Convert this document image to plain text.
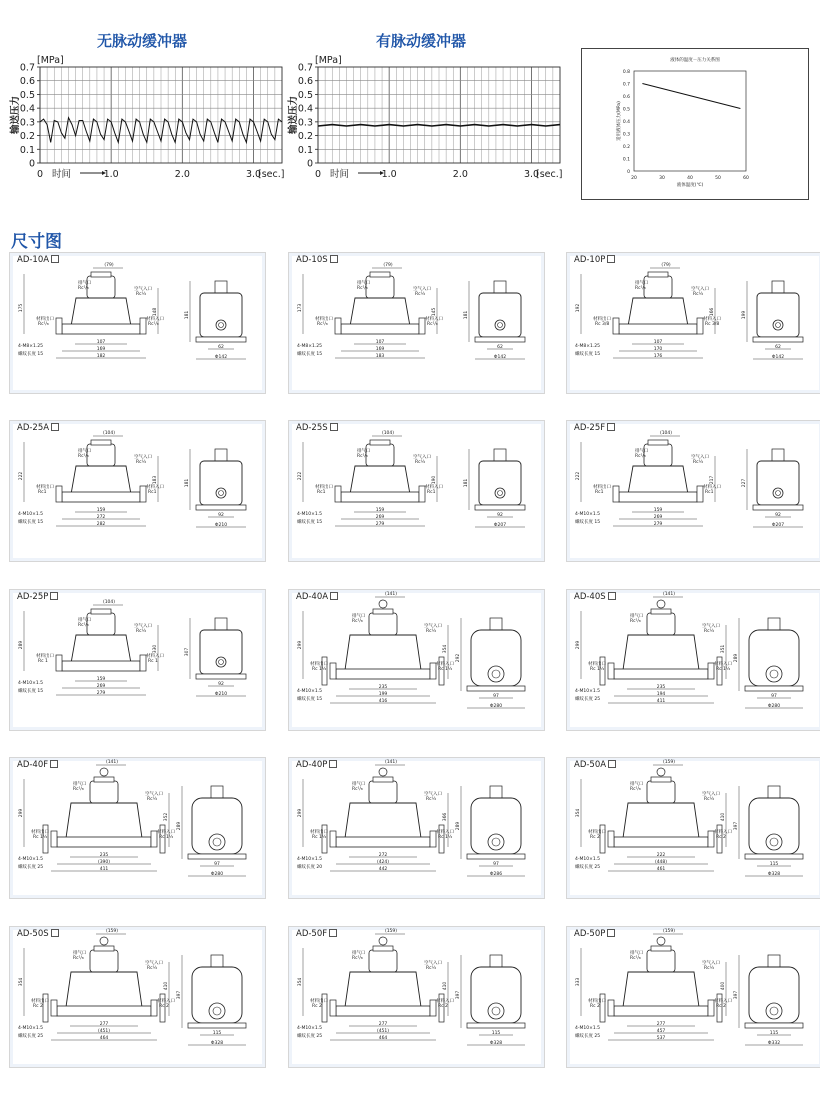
无脉动缓冲器	有脉动缓冲器
0
0.1
0.2
0.3
0.4
0.5
0.6
0.7
[MPa]
输送压力
0 时间	1.0	2.0	3.0
[sec.]
0
0.1
0.2
0.3
0.4
0.5
0.6
0.7
[MPa]
输送压力
0 时间	1.0	2.0	3.0
[sec.]
液体的温度－压力关系图
0.8
0.7
0.6
0.5
0.4
0.3
0.2
0.1
0
20	30	40	50	60
液体温度(℃)
适用液体压力(MPa)
尺寸图
AD-10A
107
169
182
175	148
(79)
排气口
Rc¹/₈	空气入口
Rc¼
材料出口
Rc¹/₈
材料入口
Rc¹/₈
4-M8×1.25
螺纹长度 15
62
Φ142
181
AD-10S
107
169
183
173	145
(79)
排气口
Rc¹/₈	空气入口
Rc¼
材料出口
Rc¹/₈
材料入口
Rc¹/₈
4-M8×1.25
螺纹长度 15
62
Φ142
181
AD-10P
107
170
176
192	166
(79)
排气口
Rc¹/₈	空气入口
Rc¼
材料出口
Rc 3/8
材料入口
Rc 3/8
4-M8×1.25
螺纹长度 15
62
Φ142
199
AD-25A
159
272
282
222	183
(104)
排气口
Rc¹/₈	空气入口
Rc¼
材料出口
Rc1
材料入口
Rc1
4-M10×1.5
螺纹长度 15
92
Φ210
181
AD-25S
159
269
279
222	190
(104)
排气口
Rc¹/₈	空气入口
Rc¼
材料出口
Rc1
材料入口
Rc1
4-M10×1.5
螺纹长度 15
92
Φ207
181
AD-25F
159
269
279
222	217
(104)
排气口
Rc¹/₈	空气入口
Rc¼
材料出口
Rc1
材料入口
Rc1
4-M10×1.5
螺纹长度 15
92
Φ207
227
AD-25P
159
269
279
289	330
(104)
排气口
Rc¹/₈	空气入口
Rc¼
材料出口
Rc 1
材料入口
Rc 1
4-M10×1.5
螺纹长度 15
92
Φ210
307
AD-40A
235
199
416
299	354
(141)
排气口
Rc¹/₈
空气入口
Rc¼
材料出口
Rc 1½
材料入口
Rc 1½
4-M10×1.5
螺纹长度 15
97
Φ280
292
AD-40S
235
194
411
299	351
(141)
排气口
Rc¹/₈
空气入口
Rc¼
材料出口
Rc 1½
材料入口
Rc 1½
4-M10×1.5
螺纹长度 25
97
Φ280
289
AD-40F
235
(390)
411
299	352
(141)
排气口
Rc¹/₈
空气入口
Rc¼
材料出口
Rc 1½
材料入口
Rc 1½
4-M10×1.5
螺纹长度 25
97
Φ280
289
AD-40P
272
(424)
442
299	366
(141)
排气口
Rc¹/₈
空气入口
Rc¼
材料出口
Rc 1½
材料入口
Rc 1½
4-M10×1.5
螺纹长度 20
97
Φ286
289
AD-50A
222
(448)
461
354	410
(159)
排气口
Rc¹/₈
空气入口
Rc¼
材料出口
Rc 2
材料入口
Rc 2
4-M10×1.5
螺纹长度 25
115
Φ328
397
AD-50S
277
(451)
464
354	410
(159)
排气口
Rc¹/₈
空气入口
Rc¼
材料出口
Rc 2
材料入口
Rc 2
4-M10×1.5
螺纹长度 25
115
Φ328
397
AD-50F
277
(451)
464
354	410
(159)
排气口
Rc¹/₈
空气入口
Rc¼
材料出口
Rc 2
材料入口
Rc 2
4-M10×1.5
螺纹长度 25
115
Φ328
397
AD-50P
277
457
537
333	400
(159)
排气口
Rc¹/₈
空气入口
Rc¼
材料出口
Rc 2
材料入口
Rc 2
4-M10×1.5
螺纹长度 25
115
Φ332
397
